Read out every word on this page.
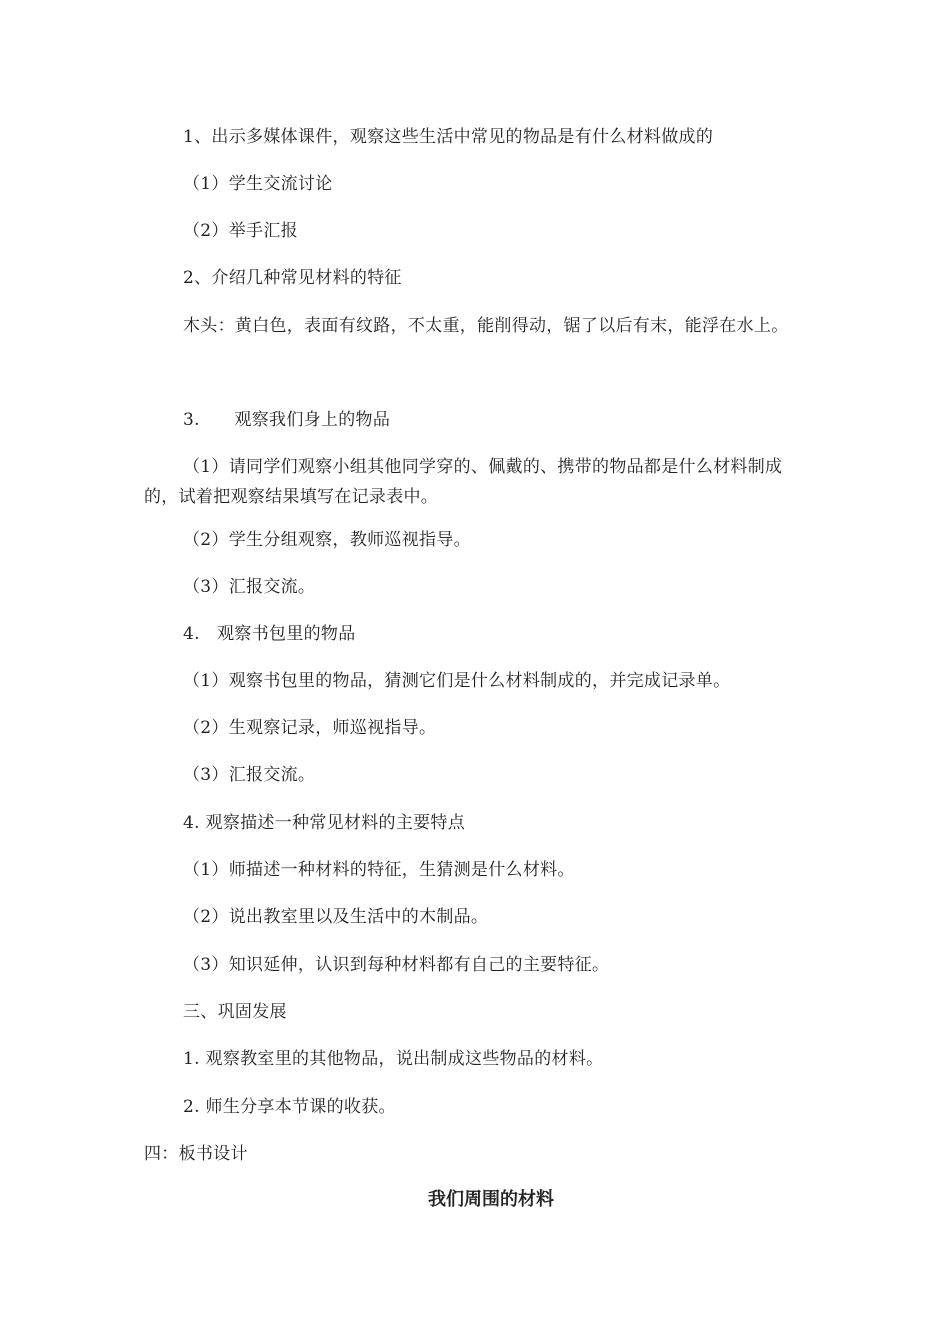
1、出示多媒体课件，观察这些生活中常见的物品是有什么材料做成的
（1）学生交流讨论
（2）举手汇报
2、介绍几种常见材料的特征
木头：黄白色，表面有纹路，不太重，能削得动，锯了以后有末，能浮在水上。
3.　　观察我们身上的物品
（1）请同学们观察小组其他同学穿的、佩戴的、携带的物品都是什么材料制成的，试着把观察结果填写在记录表中。
（2）学生分组观察，教师巡视指导。
（3）汇报交流。
4.　观察书包里的物品
（1）观察书包里的物品，猜测它们是什么材料制成的，并完成记录单。
（2）生观察记录，师巡视指导。
（3）汇报交流。
4. 观察描述一种常见材料的主要特点
（1）师描述一种材料的特征，生猜测是什么材料。
（2）说出教室里以及生活中的木制品。
（3）知识延伸，认识到每种材料都有自己的主要特征。
三、巩固发展
1. 观察教室里的其他物品，说出制成这些物品的材料。
2. 师生分享本节课的收获。
四：板书设计
我们周围的材料
